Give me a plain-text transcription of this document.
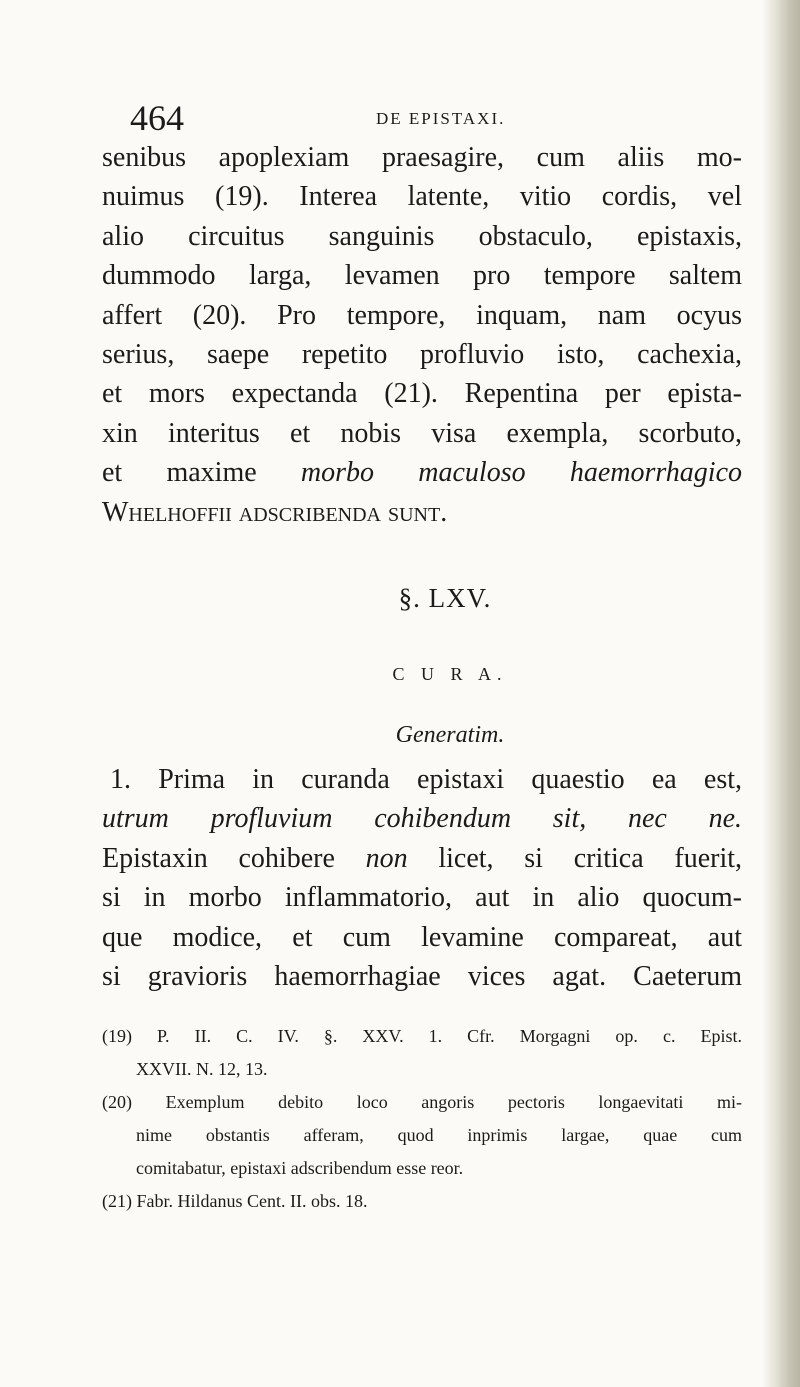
464	DE EPISTAXI.
senibus apoplexiam praesagire, cum aliis mo-
nuimus (19). Interea latente, vitio cordis, vel
alio circuitus sanguinis obstaculo, epistaxis,
dummodo larga, levamen pro tempore saltem
affert (20). Pro tempore, inquam, nam ocyus
serius, saepe repetito profluvio isto, cachexia,
et mors expectanda (21). Repentina per epista-
xin interitus et nobis visa exempla, scorbuto,
et maxime morbo maculoso haemorrhagico
Whelhoffii adscribenda sunt.
§. LXV.
C U R A.
Generatim.
1. Prima in curanda epistaxi quaestio ea est,
utrum profluvium cohibendum sit, nec ne.
Epistaxin cohibere non licet, si critica fuerit,
si in morbo inflammatorio, aut in alio quocum-
que modice, et cum levamine compareat, aut
si gravioris haemorrhagiae vices agat. Caeterum
(19) P. II. C. IV. §. XXV. 1. Cfr. Morgagni op. c. Epist.
XXVII. N. 12, 13.
(20) Exemplum debito loco angoris pectoris longaevitati mi-
nime obstantis afferam, quod inprimis largae, quae cum
comitabatur, epistaxi adscribendum esse reor.
(21) Fabr. Hildanus Cent. II. obs. 18.
